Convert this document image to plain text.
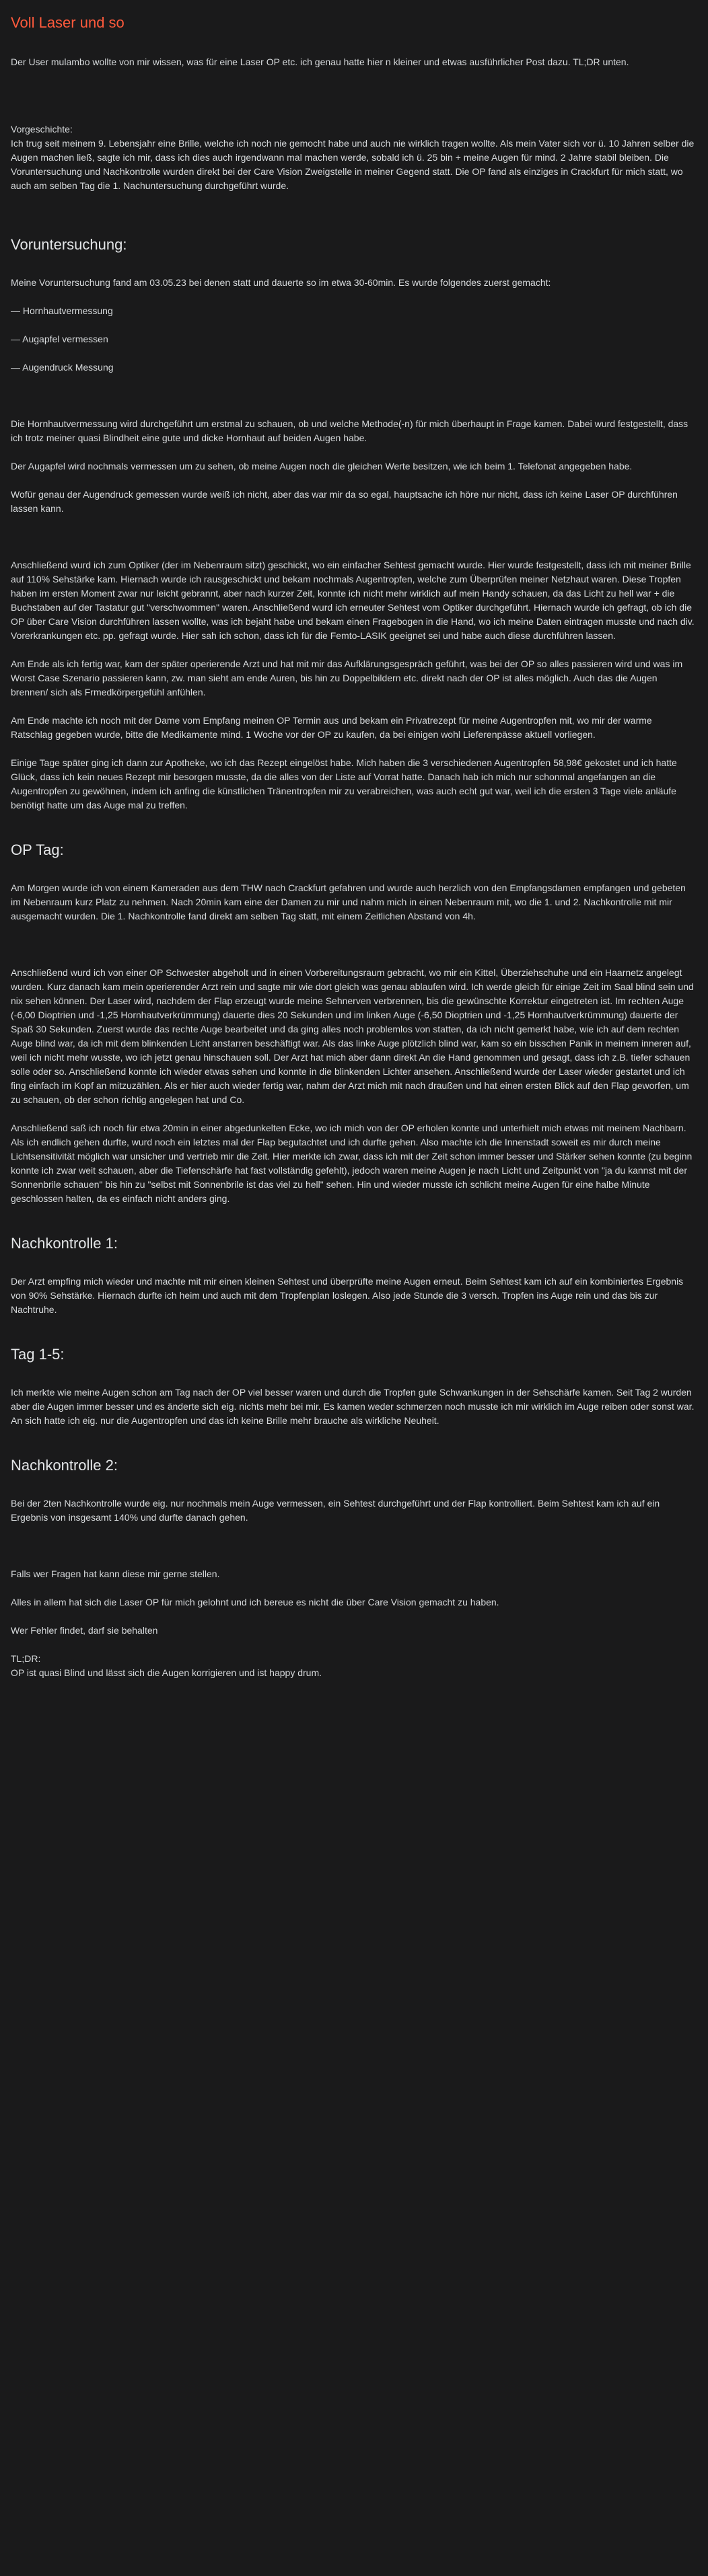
Voll Laser und so

Der User mulambo wollte von mir wissen, was für eine Laser OP etc. ich genau hatte hier n kleiner und etwas ausführlicher Post dazu. TL;DR unten.

Vorgeschichte:

Ich trug seit meinem 9. Lebensjahr eine Brille, welche ich noch nie gemocht habe und auch nie wirklich tragen wollte. Als mein Vater sich vor ü. 10 Jahren selber die Augen machen ließ, sagte ich mir, dass ich dies auch irgendwann mal machen werde, sobald ich ü. 25 bin + meine Augen für mind. 2 Jahre stabil bleiben. Die Voruntersuchung und Nachkontrolle wurden direkt bei der Care Vision Zweigstelle in meiner Gegend statt. Die OP fand als einziges in Crackfurt für mich statt, wo auch am selben Tag die 1. Nachuntersuchung durchgeführt wurde.

Voruntersuchung:

Meine Voruntersuchung fand am 03.05.23 bei denen statt und dauerte so im etwa 30-60min. Es wurde folgendes zuerst gemacht:

— Hornhautvermessung

— Augapfel vermessen

— Augendruck Messung

Die Hornhautvermessung wird durchgeführt um erstmal zu schauen, ob und welche Methode(-n) für mich überhaupt in Frage kamen. Dabei wurd festgestellt, dass ich trotz meiner quasi Blindheit eine gute und dicke Hornhaut auf beiden Augen habe.

Der Augapfel wird nochmals vermessen um zu sehen, ob meine Augen noch die gleichen Werte besitzen, wie ich beim 1. Telefonat angegeben habe.

Wofür genau der Augendruck gemessen wurde weiß ich nicht, aber das war mir da so egal, hauptsache ich höre nur nicht, dass ich keine Laser OP durchführen lassen kann.

Anschließend wurd ich zum Optiker (der im Nebenraum sitzt) geschickt, wo ein einfacher Sehtest gemacht wurde. Hier wurde festgestellt, dass ich mit meiner Brille auf 110% Sehstärke kam. Hiernach wurde ich rausgeschickt und bekam nochmals Augentropfen, welche zum Überprüfen meiner Netzhaut waren. Diese Tropfen haben im ersten Moment zwar nur leicht gebrannt, aber nach kurzer Zeit, konnte ich nicht mehr wirklich auf mein Handy schauen, da das Licht zu hell war + die Buchstaben auf der Tastatur gut "verschwommen" waren. Anschließend wurd ich erneuter Sehtest vom Optiker durchgeführt. Hiernach wurde ich gefragt, ob ich die OP über Care Vision durchführen lassen wollte, was ich bejaht habe und bekam einen Fragebogen in die Hand, wo ich meine Daten eintragen musste und nach div. Vorerkrankungen etc. pp. gefragt wurde. Hier sah ich schon, dass ich für die Femto-LASIK geeignet sei und habe auch diese durchführen lassen.

Am Ende als ich fertig war, kam der später operierende Arzt und hat mit mir das Aufklärungsgespräch geführt, was bei der OP so alles passieren wird und was im Worst Case Szenario passieren kann, zw. man sieht am ende Auren, bis hin zu Doppelbildern etc. direkt nach der OP ist alles möglich. Auch das die Augen brennen/ sich als Frmedkörpergefühl anfühlen.

Am Ende machte ich noch mit der Dame vom Empfang meinen OP Termin aus und bekam ein Privatrezept für meine Augentropfen mit, wo mir der warme Ratschlag gegeben wurde, bitte die Medikamente mind. 1 Woche vor der OP zu kaufen, da bei einigen wohl Lieferenpässe aktuell vorliegen.

Einige Tage später ging ich dann zur Apotheke, wo ich das Rezept eingelöst habe. Mich haben die 3 verschiedenen Augentropfen 58,98€ gekostet und ich hatte Glück, dass ich kein neues Rezept mir besorgen musste, da die alles von der Liste auf Vorrat hatte. Danach hab ich mich nur schonmal angefangen an die Augentropfen zu gewöhnen, indem ich anfing die künstlichen Tränentropfen mir zu verabreichen, was auch echt gut war, weil ich die ersten 3 Tage viele anläufe benötigt hatte um das Auge mal zu treffen.

OP Tag:

Am Morgen wurde ich von einem Kameraden aus dem THW nach Crackfurt gefahren und wurde auch herzlich von den Empfangsdamen empfangen und gebeten im Nebenraum kurz Platz zu nehmen. Nach 20min kam eine der Damen zu mir und nahm mich in einen Nebenraum mit, wo die 1. und 2. Nachkontrolle mit mir ausgemacht wurden. Die 1. Nachkontrolle fand direkt am selben Tag statt, mit einem Zeitlichen Abstand von 4h.

Anschließend wurd ich von einer OP Schwester abgeholt und in einen Vorbereitungsraum gebracht, wo mir ein Kittel, Überziehschuhe und ein Haarnetz angelegt wurden. Kurz danach kam mein operierender Arzt rein und sagte mir wie dort gleich was genau ablaufen wird. Ich werde gleich für einige Zeit im Saal blind sein und nix sehen können. Der Laser wird, nachdem der Flap erzeugt wurde meine Sehnerven verbrennen, bis die gewünschte Korrektur eingetreten ist. Im rechten Auge (-6,00 Dioptrien und -1,25 Hornhautverkrümmung) dauerte dies 20 Sekunden und im linken Auge (-6,50 Dioptrien und -1,25 Hornhautverkrümmung) dauerte der Spaß 30 Sekunden. Zuerst wurde das rechte Auge bearbeitet und da ging alles noch problemlos von statten, da ich nicht gemerkt habe, wie ich auf dem rechten Auge blind war, da ich mit dem blinkenden Licht anstarren beschäftigt war. Als das linke Auge plötzlich blind war, kam so ein bisschen Panik in meinem inneren auf, weil ich nicht mehr wusste, wo ich jetzt genau hinschauen soll. Der Arzt hat mich aber dann direkt An die Hand genommen und gesagt, dass ich z.B. tiefer schauen solle oder so. Anschließend konnte ich wieder etwas sehen und konnte in die blinkenden Lichter ansehen. Anschließend wurde der Laser wieder gestartet und ich fing einfach im Kopf an mitzuzählen. Als er hier auch wieder fertig war, nahm der Arzt mich mit nach draußen und hat einen ersten Blick auf den Flap geworfen, um zu schauen, ob der schon richtig angelegen hat und Co.

Anschließend saß ich noch für etwa 20min in einer abgedunkelten Ecke, wo ich mich von der OP erholen konnte und unterhielt mich etwas mit meinem Nachbarn. Als ich endlich gehen durfte, wurd noch ein letztes mal der Flap begutachtet und ich durfte gehen. Also machte ich die Innenstadt soweit es mir durch meine Lichtsensitivität möglich war unsicher und vertrieb mir die Zeit. Hier merkte ich zwar, dass ich mit der Zeit schon immer besser und Stärker sehen konnte (zu beginn konnte ich zwar weit schauen, aber die Tiefenschärfe hat fast vollständig gefehlt), jedoch waren meine Augen je nach Licht und Zeitpunkt von "ja du kannst mit der Sonnenbrile schauen" bis hin zu "selbst mit Sonnenbrile ist das viel zu hell" sehen. Hin und wieder musste ich schlicht meine Augen für eine halbe Minute geschlossen halten, da es einfach nicht anders ging.

Nachkontrolle 1:

Der Arzt empfing mich wieder und machte mit mir einen kleinen Sehtest und überprüfte meine Augen erneut. Beim Sehtest kam ich auf ein kombiniertes Ergebnis von 90% Sehstärke. Hiernach durfte ich heim und auch mit dem Tropfenplan loslegen. Also jede Stunde die 3 versch. Tropfen ins Auge rein und das bis zur Nachtruhe.

Tag 1-5:

Ich merkte wie meine Augen schon am Tag nach der OP viel besser waren und durch die Tropfen gute Schwankungen in der Sehschärfe kamen. Seit Tag 2 wurden aber die Augen immer besser und es änderte sich eig. nichts mehr bei mir. Es kamen weder schmerzen noch musste ich mir wirklich im Auge reiben oder sonst war. An sich hatte ich eig. nur die Augentropfen und das ich keine Brille mehr brauche als wirkliche Neuheit.

Nachkontrolle 2:

Bei der 2ten Nachkontrolle wurde eig. nur nochmals mein Auge vermessen, ein Sehtest durchgeführt und der Flap kontrolliert. Beim Sehtest kam ich auf ein Ergebnis von insgesamt 140% und durfte danach gehen.

Falls wer Fragen hat kann diese mir gerne stellen.

Alles in allem hat sich die Laser OP für mich gelohnt und ich bereue es nicht die über Care Vision gemacht zu haben.

Wer Fehler findet, darf sie behalten

TL;DR:

OP ist quasi Blind und lässt sich die Augen korrigieren und ist happy drum.
